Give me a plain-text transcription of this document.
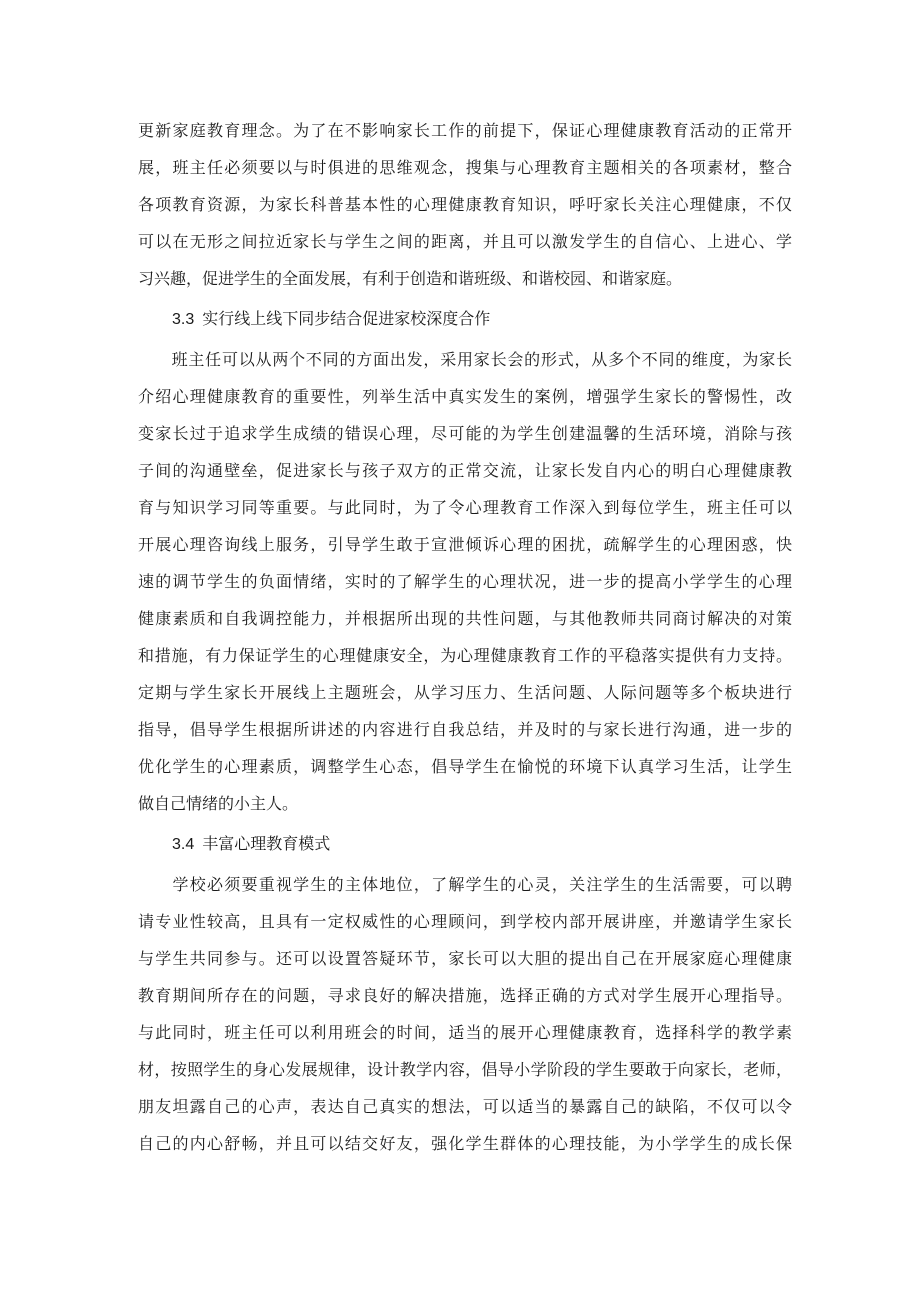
更新家庭教育理念。为了在不影响家长工作的前提下，保证心理健康教育活动的正常开
展，班主任必须要以与时俱进的思维观念，搜集与心理教育主题相关的各项素材，整合
各项教育资源，为家长科普基本性的心理健康教育知识，呼吁家长关注心理健康，不仅
可以在无形之间拉近家长与学生之间的距离，并且可以激发学生的自信心、上进心、学
习兴趣，促进学生的全面发展，有利于创造和谐班级、和谐校园、和谐家庭。
3.3 实行线上线下同步结合促进家校深度合作
　　班主任可以从两个不同的方面出发，采用家长会的形式，从多个不同的维度，为家长
介绍心理健康教育的重要性，列举生活中真实发生的案例，增强学生家长的警惕性，改
变家长过于追求学生成绩的错误心理，尽可能的为学生创建温馨的生活环境，消除与孩
子间的沟通壁垒，促进家长与孩子双方的正常交流，让家长发自内心的明白心理健康教
育与知识学习同等重要。与此同时，为了令心理教育工作深入到每位学生，班主任可以
开展心理咨询线上服务，引导学生敢于宣泄倾诉心理的困扰，疏解学生的心理困惑，快
速的调节学生的负面情绪，实时的了解学生的心理状况，进一步的提高小学学生的心理
健康素质和自我调控能力，并根据所出现的共性问题，与其他教师共同商讨解决的对策
和措施，有力保证学生的心理健康安全，为心理健康教育工作的平稳落实提供有力支持。
定期与学生家长开展线上主题班会，从学习压力、生活问题、人际问题等多个板块进行
指导，倡导学生根据所讲述的内容进行自我总结，并及时的与家长进行沟通，进一步的
优化学生的心理素质，调整学生心态，倡导学生在愉悦的环境下认真学习生活，让学生
做自己情绪的小主人。
3.4 丰富心理教育模式
　　学校必须要重视学生的主体地位，了解学生的心灵，关注学生的生活需要，可以聘
请专业性较高，且具有一定权威性的心理顾问，到学校内部开展讲座，并邀请学生家长
与学生共同参与。还可以设置答疑环节，家长可以大胆的提出自己在开展家庭心理健康
教育期间所存在的问题，寻求良好的解决措施，选择正确的方式对学生展开心理指导。
与此同时，班主任可以利用班会的时间，适当的展开心理健康教育，选择科学的教学素
材，按照学生的身心发展规律，设计教学内容，倡导小学阶段的学生要敢于向家长，老师，
朋友坦露自己的心声，表达自己真实的想法，可以适当的暴露自己的缺陷，不仅可以令
自己的内心舒畅，并且可以结交好友，强化学生群体的心理技能，为小学学生的成长保
